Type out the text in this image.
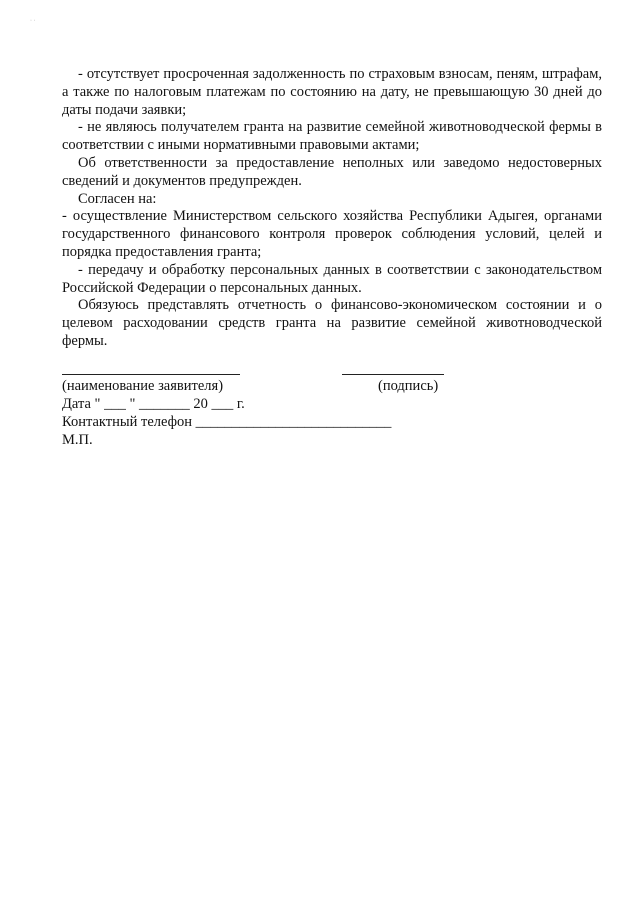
· ·

- отсутствует просроченная задолженность по страховым взносам, пеням, штрафам, а также по налоговым платежам по состоянию на дату, не превышающую 30 дней до даты подачи заявки;

- не являюсь получателем гранта на развитие семейной животноводческой фермы в соответствии с иными нормативными правовыми актами;

Об ответственности за предоставление неполных или заведомо недостоверных сведений и документов предупрежден.

Согласен на:

- осуществление Министерством сельского хозяйства Республики Адыгея, органами государственного финансового контроля проверок соблюдения условий, целей и порядка предоставления гранта;

- передачу и обработку персональных данных в соответствии с законодательством Российской Федерации о персональных данных.

Обязуюсь представлять отчетность о финансово-экономическом состоянии и о целевом расходовании средств гранта на развитие семейной животноводческой фермы.

(наименование заявителя)	(подпись)
Дата " ___ " _______ 20 ___ г.
Контактный телефон ___________________________
М.П.
